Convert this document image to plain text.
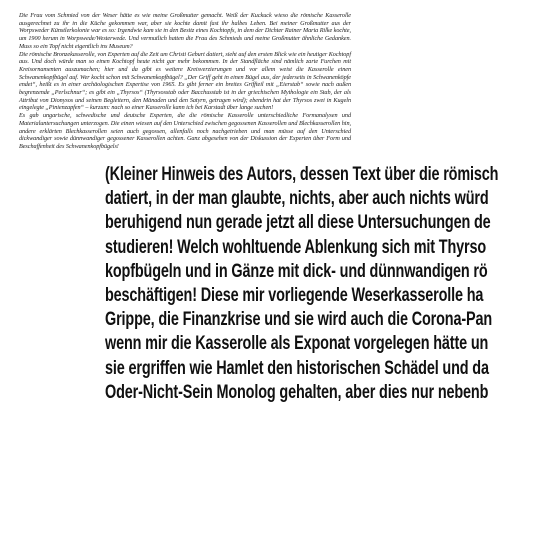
Die Frau vom Schmied von der Weser hätte es wie meine Großmutter gemacht. Weiß der Kuckuck wieso die römische Kasserolle ausgerechnet zu ihr in die Küche gekommen war, aber sie kochte damit fast ihr halbes Leben. Bei meiner Großmutter aus der Worpsweder Künstlerkolonie war es so: Irgendwie kam sie in den Besitz eines Kochtopfs, in dem der Dichter Rainer Maria Rilke kochte, um 1900 herum in Worpswede/Westerwede. Und vermutlich hatten die Frau des Schmieds und meine Großmutter ähnliche Gedanken. Muss so ein Topf nicht eigentlich ins Museum?

Die römische Bronzekasserolle, von Experten auf die Zeit um Christi Geburt datiert, sieht auf den ersten Blick wie ein heutiger Kochtopf aus. Und doch würde man so einen Kochtopf heute nicht gar mehr bekommen. In der Standfläche sind nämlich zarte Furchen mit Kreisornamenten auszumachen; hier und da gibt es weitere Kreisverzierungen und vor allem weist die Kasserolle einen Schwanenkopfbügel auf. Wer kocht schon mit Schwanenkopfbügel? „Der Griff geht in einen Bügel aus, der jederseits in Schwanenköpfe endet“, heißt es in einer archäologischen Expertise von 1965. Es gibt ferner ein breites Griffteil mit „Eierstab“ sowie nach außen begrenzende „Perlschnur“; es gibt ein „Thyrsos“ (Thyrsosstab oder Bacchusstab ist in der griechischen Mythologie ein Stab, der als Attribut von Dionysos und seinen Begleitern, den Mänaden und den Satyrn, getragen wird); ebendrin hat der Thyrsos zwei in Kugeln eingelegte „Pinienzapfen“ – kurzum: nach so einer Kasserolle kann ich bei Karstadt über lange suchen!

Es gab ungarische, schwedische und deutsche Experten, die die römische Kasserolle unterschiedliche Formanalysen und Materialuntersuchungen unterzogen. Die einen wiesen auf den Unterschied zwischen gegossenen Kasserollen und Blechkasserollen hin, andere erklärten Blechkasserollen seien auch gegossen, allenfalls noch nachgetrieben und man müsse auf den Unterschied dickwandiger sowie dünnwandiger gegossener Kasserollen achten. Ganz abgesehen von der Diskussion der Experten über Form und Beschaffenheit des Schwanenkopfbügels!

(Kleiner Hinweis des Autors, dessen Text über die römisch
datiert, in der man glaubte, nichts, aber auch nichts würd
beruhigend nun gerade jetzt all diese Untersuchungen de
studieren! Welch wohltuende Ablenkung sich mit Thyrso
kopfbügeln und in Gänze mit dick- und dünnwandigen rö
beschäftigen! Diese mir vorliegende Weserkasserolle ha
Grippe, die Finanzkrise und sie wird auch die Corona-Pan
wenn mir die Kasserolle als Exponat vorgelegen hätte un
sie ergriffen wie Hamlet den historischen Schädel und da
Oder-Nicht-Sein Monolog gehalten, aber dies nur nebenb
